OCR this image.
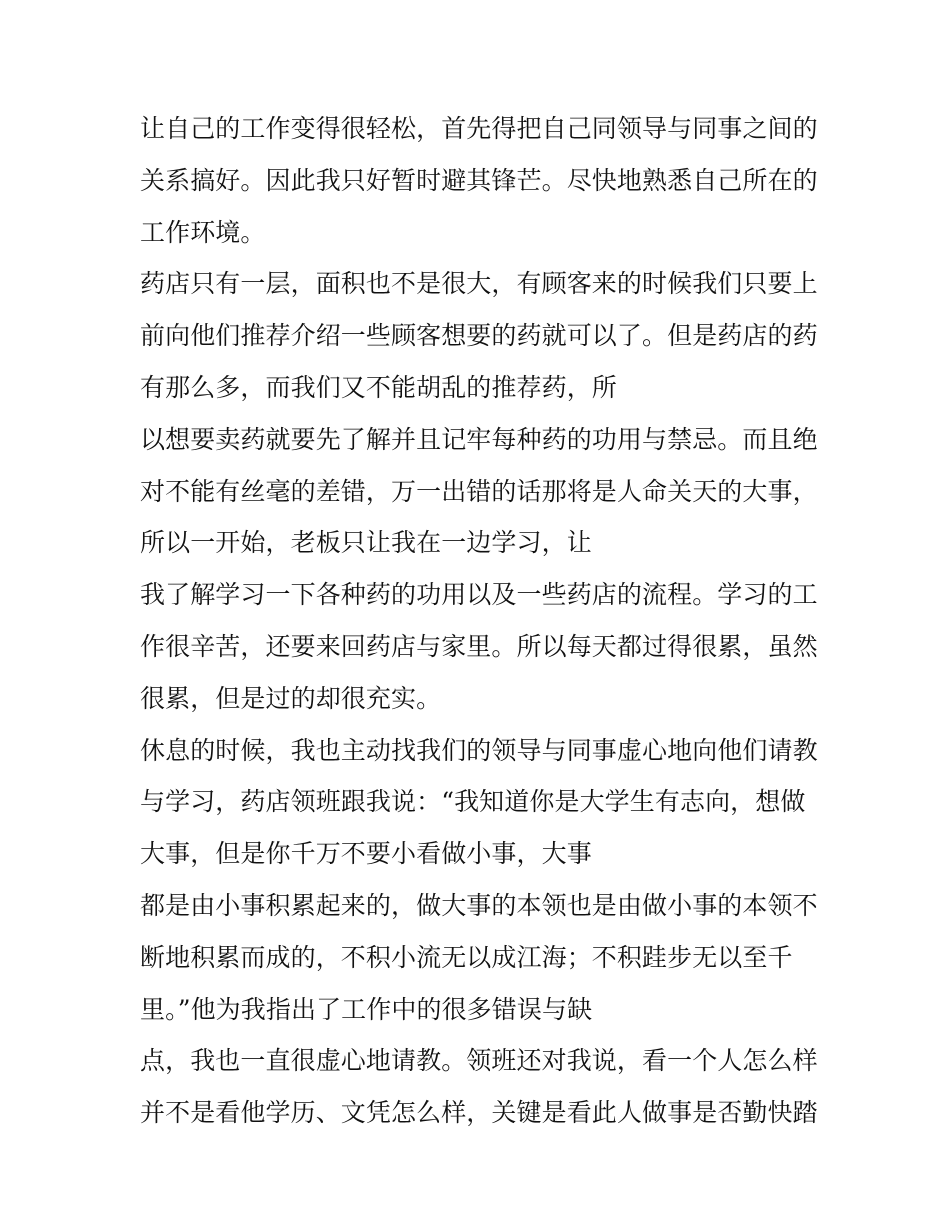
让自己的工作变得很轻松，首先得把自己同领导与同事之间的
关系搞好。因此我只好暂时避其锋芒。尽快地熟悉自己所在的
工作环境。
药店只有一层，面积也不是很大，有顾客来的时候我们只要上
前向他们推荐介绍一些顾客想要的药就可以了。但是药店的药
有那么多，而我们又不能胡乱的推荐药，所
以想要卖药就要先了解并且记牢每种药的功用与禁忌。而且绝
对不能有丝毫的差错，万一出错的话那将是人命关天的大事，
所以一开始，老板只让我在一边学习，让
我了解学习一下各种药的功用以及一些药店的流程。学习的工
作很辛苦，还要来回药店与家里。所以每天都过得很累，虽然
很累，但是过的却很充实。
休息的时候，我也主动找我们的领导与同事虚心地向他们请教
与学习，药店领班跟我说：“我知道你是大学生有志向，想做
大事，但是你千万不要小看做小事，大事
都是由小事积累起来的，做大事的本领也是由做小事的本领不
断地积累而成的，不积小流无以成江海；不积跬步无以至千
里。”他为我指出了工作中的很多错误与缺
点，我也一直很虚心地请教。领班还对我说，看一个人怎么样
并不是看他学历、文凭怎么样，关键是看此人做事是否勤快踏
